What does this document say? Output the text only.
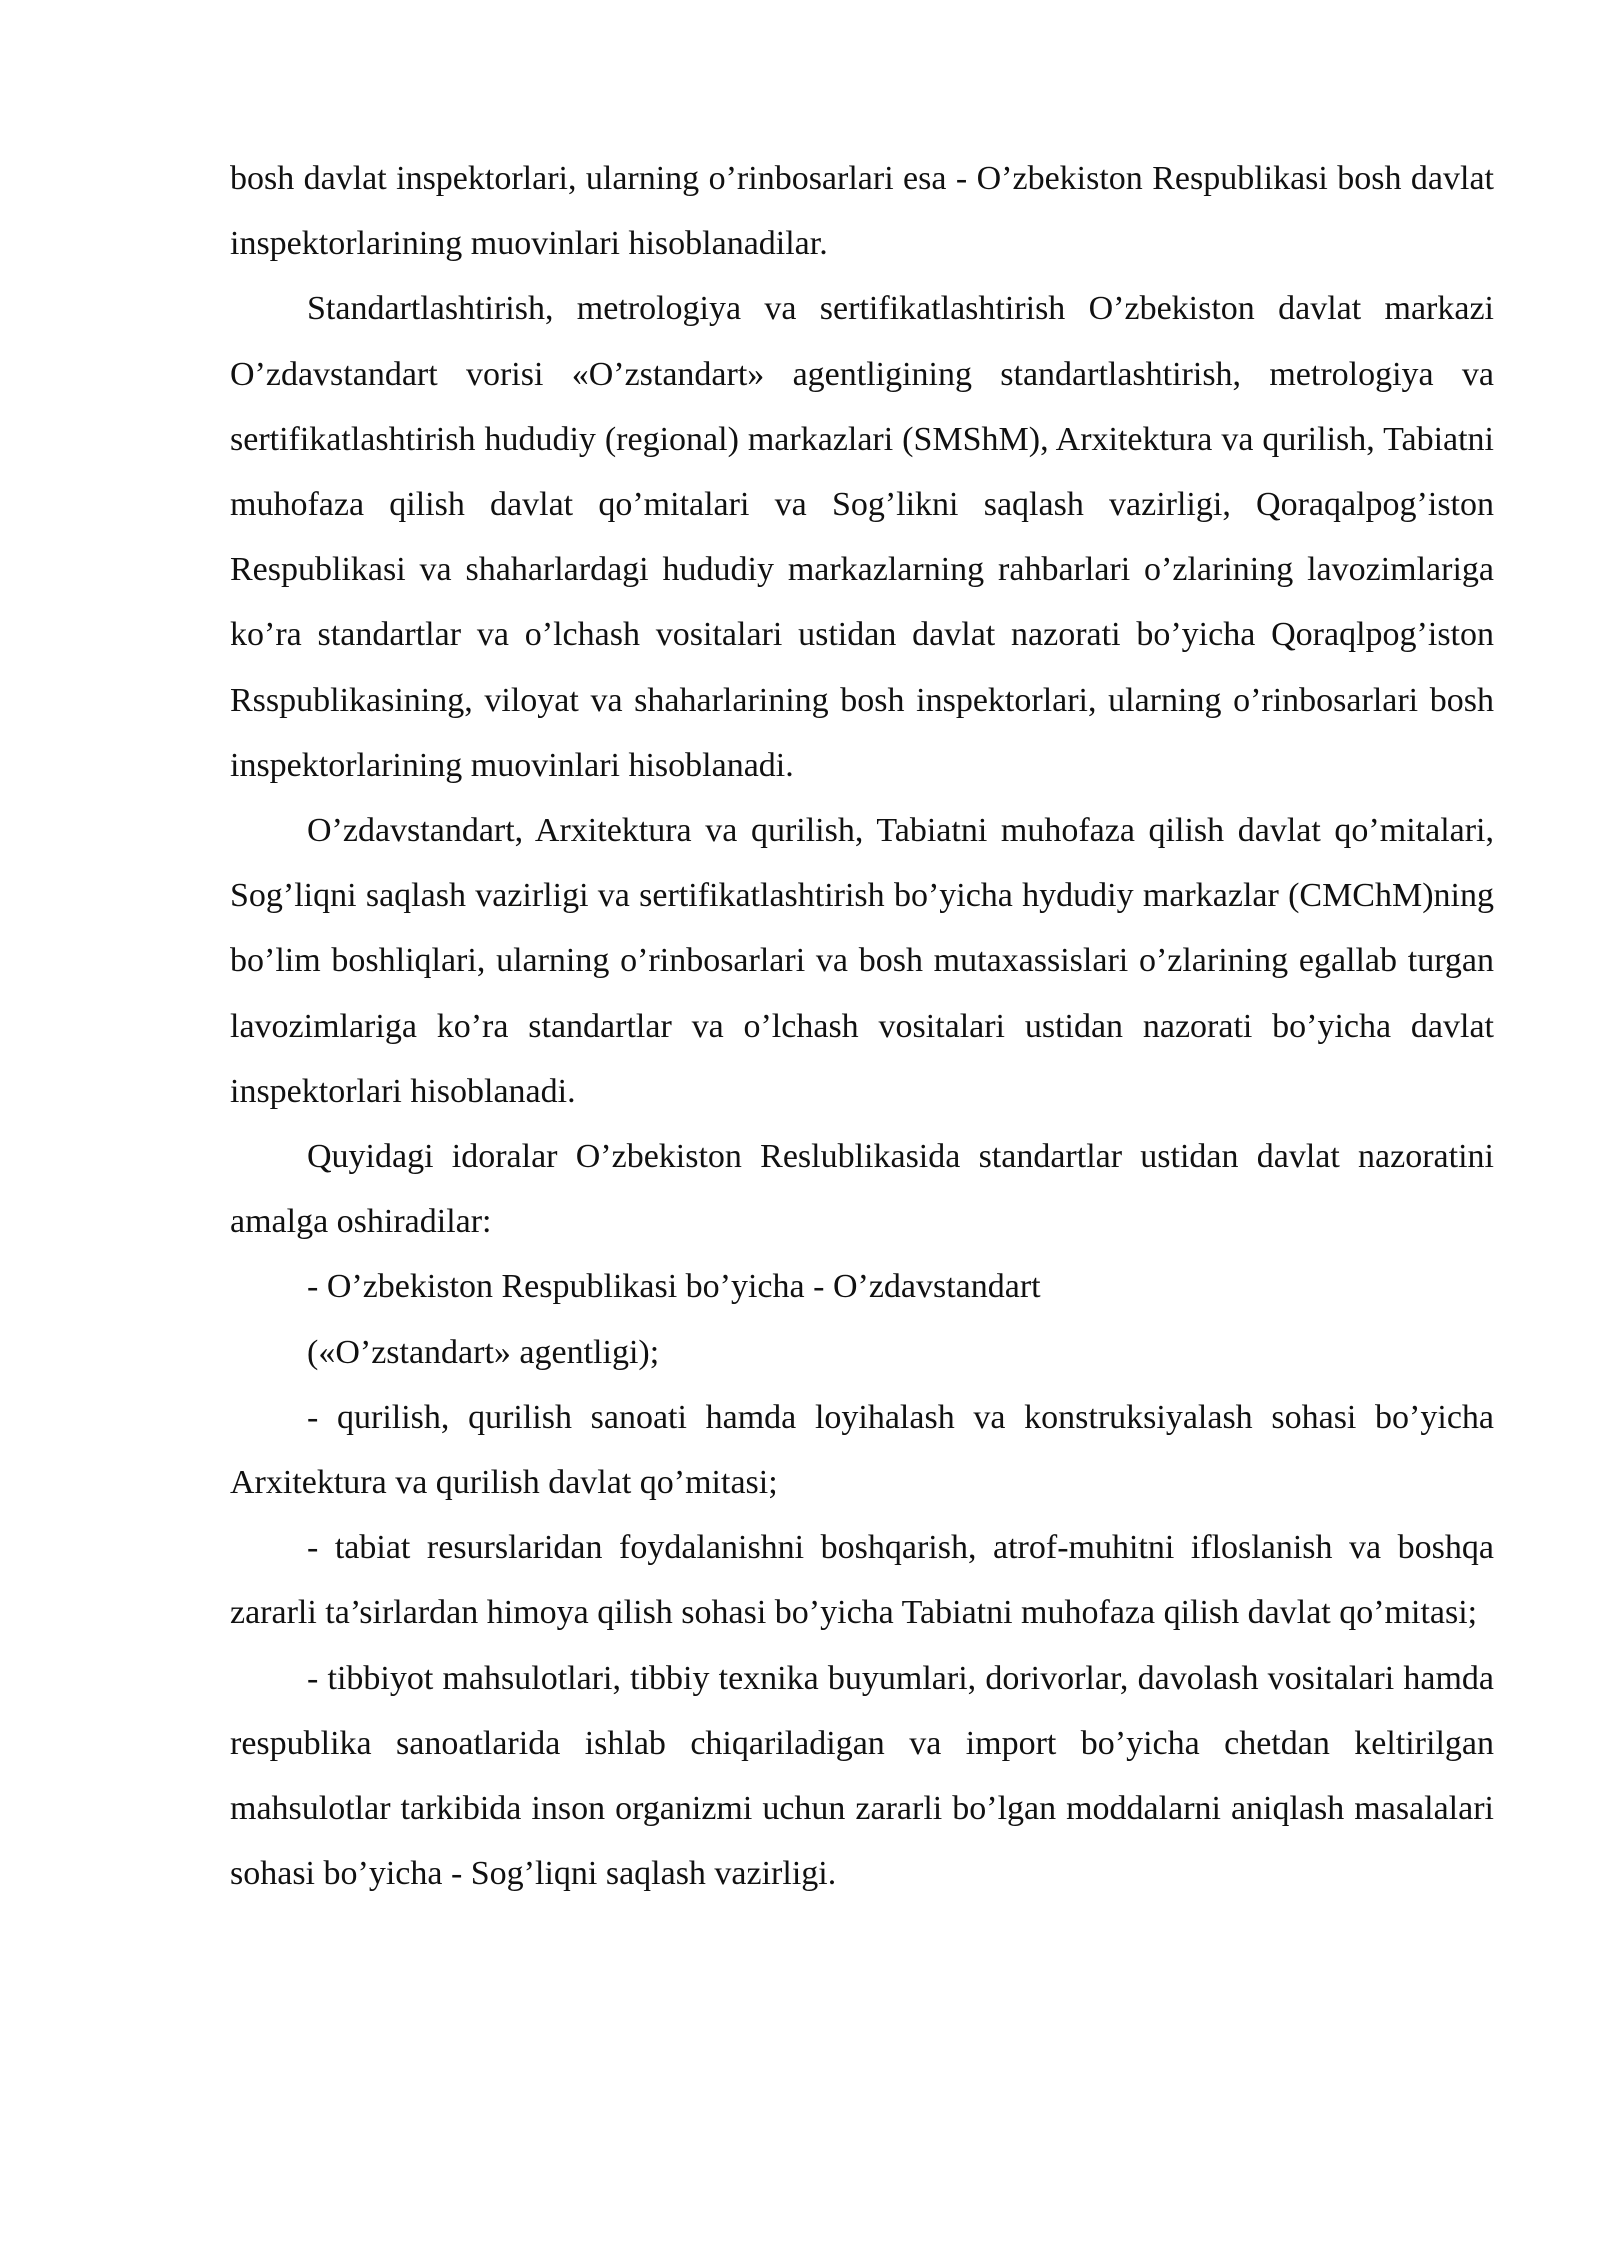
bosh davlat inspektorlari, ularning o’rinbosarlari esa - O’zbekiston Respublikasi bosh davlat inspektorlarining muovinlari hisoblanadilar.

Standartlashtirish, metrologiya va sertifikatlashtirish O’zbekiston davlat markazi O’zdavstandart vorisi «O’zstandart» agentligining standartlashtirish, metrologiya va sertifikatlashtirish hududiy (regional) markazlari (SMShM), Arxitektura va qurilish, Tabiatni muhofaza qilish davlat qo’mitalari va Sog’likni saqlash vazirligi, Qoraqalpog’iston Respublikasi va shaharlardagi hududiy markazlarning rahbarlari o’zlarining lavozimlariga ko’ra standartlar va o’lchash vositalari ustidan davlat nazorati bo’yicha Qoraqlpog’iston Rsspublikasining, viloyat va shaharlarining bosh inspektorlari, ularning o’rinbosarlari bosh inspektorlarining muovinlari hisoblanadi.

O’zdavstandart, Arxitektura va qurilish, Tabiatni muhofaza qilish davlat qo’mitalari, Sog’liqni saqlash vazirligi va sertifikatlashtirish bo’yicha hydudiy markazlar (CMChM)ning bo’lim boshliqlari, ularning o’rinbosarlari va bosh mutaxassislari o’zlarining egallab turgan lavozimlariga ko’ra standartlar va o’lchash vositalari ustidan nazorati bo’yicha davlat inspektorlari hisoblanadi.

Quyidagi idoralar O’zbekiston Reslublikasida standartlar ustidan davlat nazoratini amalga oshiradilar:

- O’zbekiston Respublikasi bo’yicha - O’zdavstandart («O’zstandart» agentligi);

- qurilish, qurilish sanoati hamda loyihalash va konstruksiyalash sohasi bo’yicha Arxitektura va qurilish davlat qo’mitasi;

- tabiat resurslaridan foydalanishni boshqarish, atrof-muhitni ifloslanish va boshqa zararli ta’sirlardan himoya qilish sohasi bo’yicha Tabiatni muhofaza qilish davlat qo’mitasi;

- tibbiyot mahsulotlari, tibbiy texnika buyumlari, dorivorlar, davolash vositalari hamda respublika sanoatlarida ishlab chiqariladigan va import bo’yicha chetdan keltirilgan mahsulotlar tarkibida inson organizmi uchun zararli bo’lgan moddalarni aniqlash masalalari sohasi bo’yicha - Sog’liqni saqlash vazirligi.
